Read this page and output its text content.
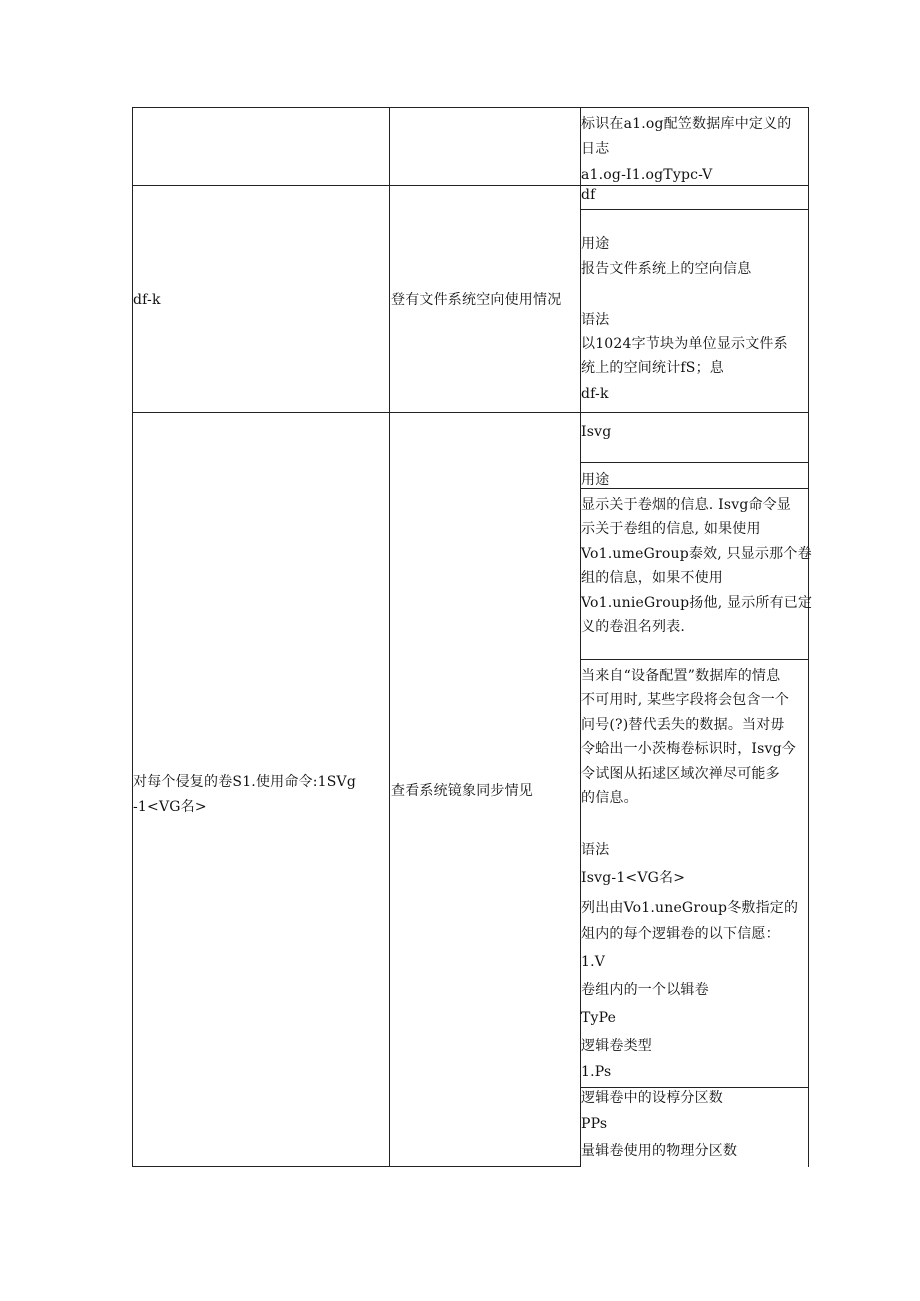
标识在a1.og配笠数据库中定义的
日志
a1.og-I1.ogTypc-V
df-k	登有文件系统空向使用情况
df
用途
报告文件系统上的空向信息
语法
以1024字节块为单位显示文件系
统上的空间统计fS；息
df-k
对每个侵复的卷S1.使用命令:1SVg
-1<VG名>
查看系统镜象同步情见
Isvg
用途
显示关于卷烟的信息. Isvg命令显
示关于卷组的信息, 如果使用
Vo1.umeGroup泰效, 只显示那个卷
组的信息，如果不使用
Vo1.unieGroup扬他, 显示所有已定
义的卷沮名列表.
当来自“设备配置”数据库的情息
不可用时, 某些字段将会包含一个
问号(?)替代丢失的数据。当对毋
令蛤出一小茨梅卷标识时，Isvg今
令试图从拓逑区域次禅尽可能多
的信息。
语法
Isvg-1<VG名>
列出由Vo1.uneGroup冬敷指定的
俎内的每个逻辑卷的以下信愿：
1.V
卷组内的一个以辑卷
TyPe
逻辑卷类型
1.Ps
逻辑卷中的设椁分区数
PPs
量辑卷使用的物理分区数
